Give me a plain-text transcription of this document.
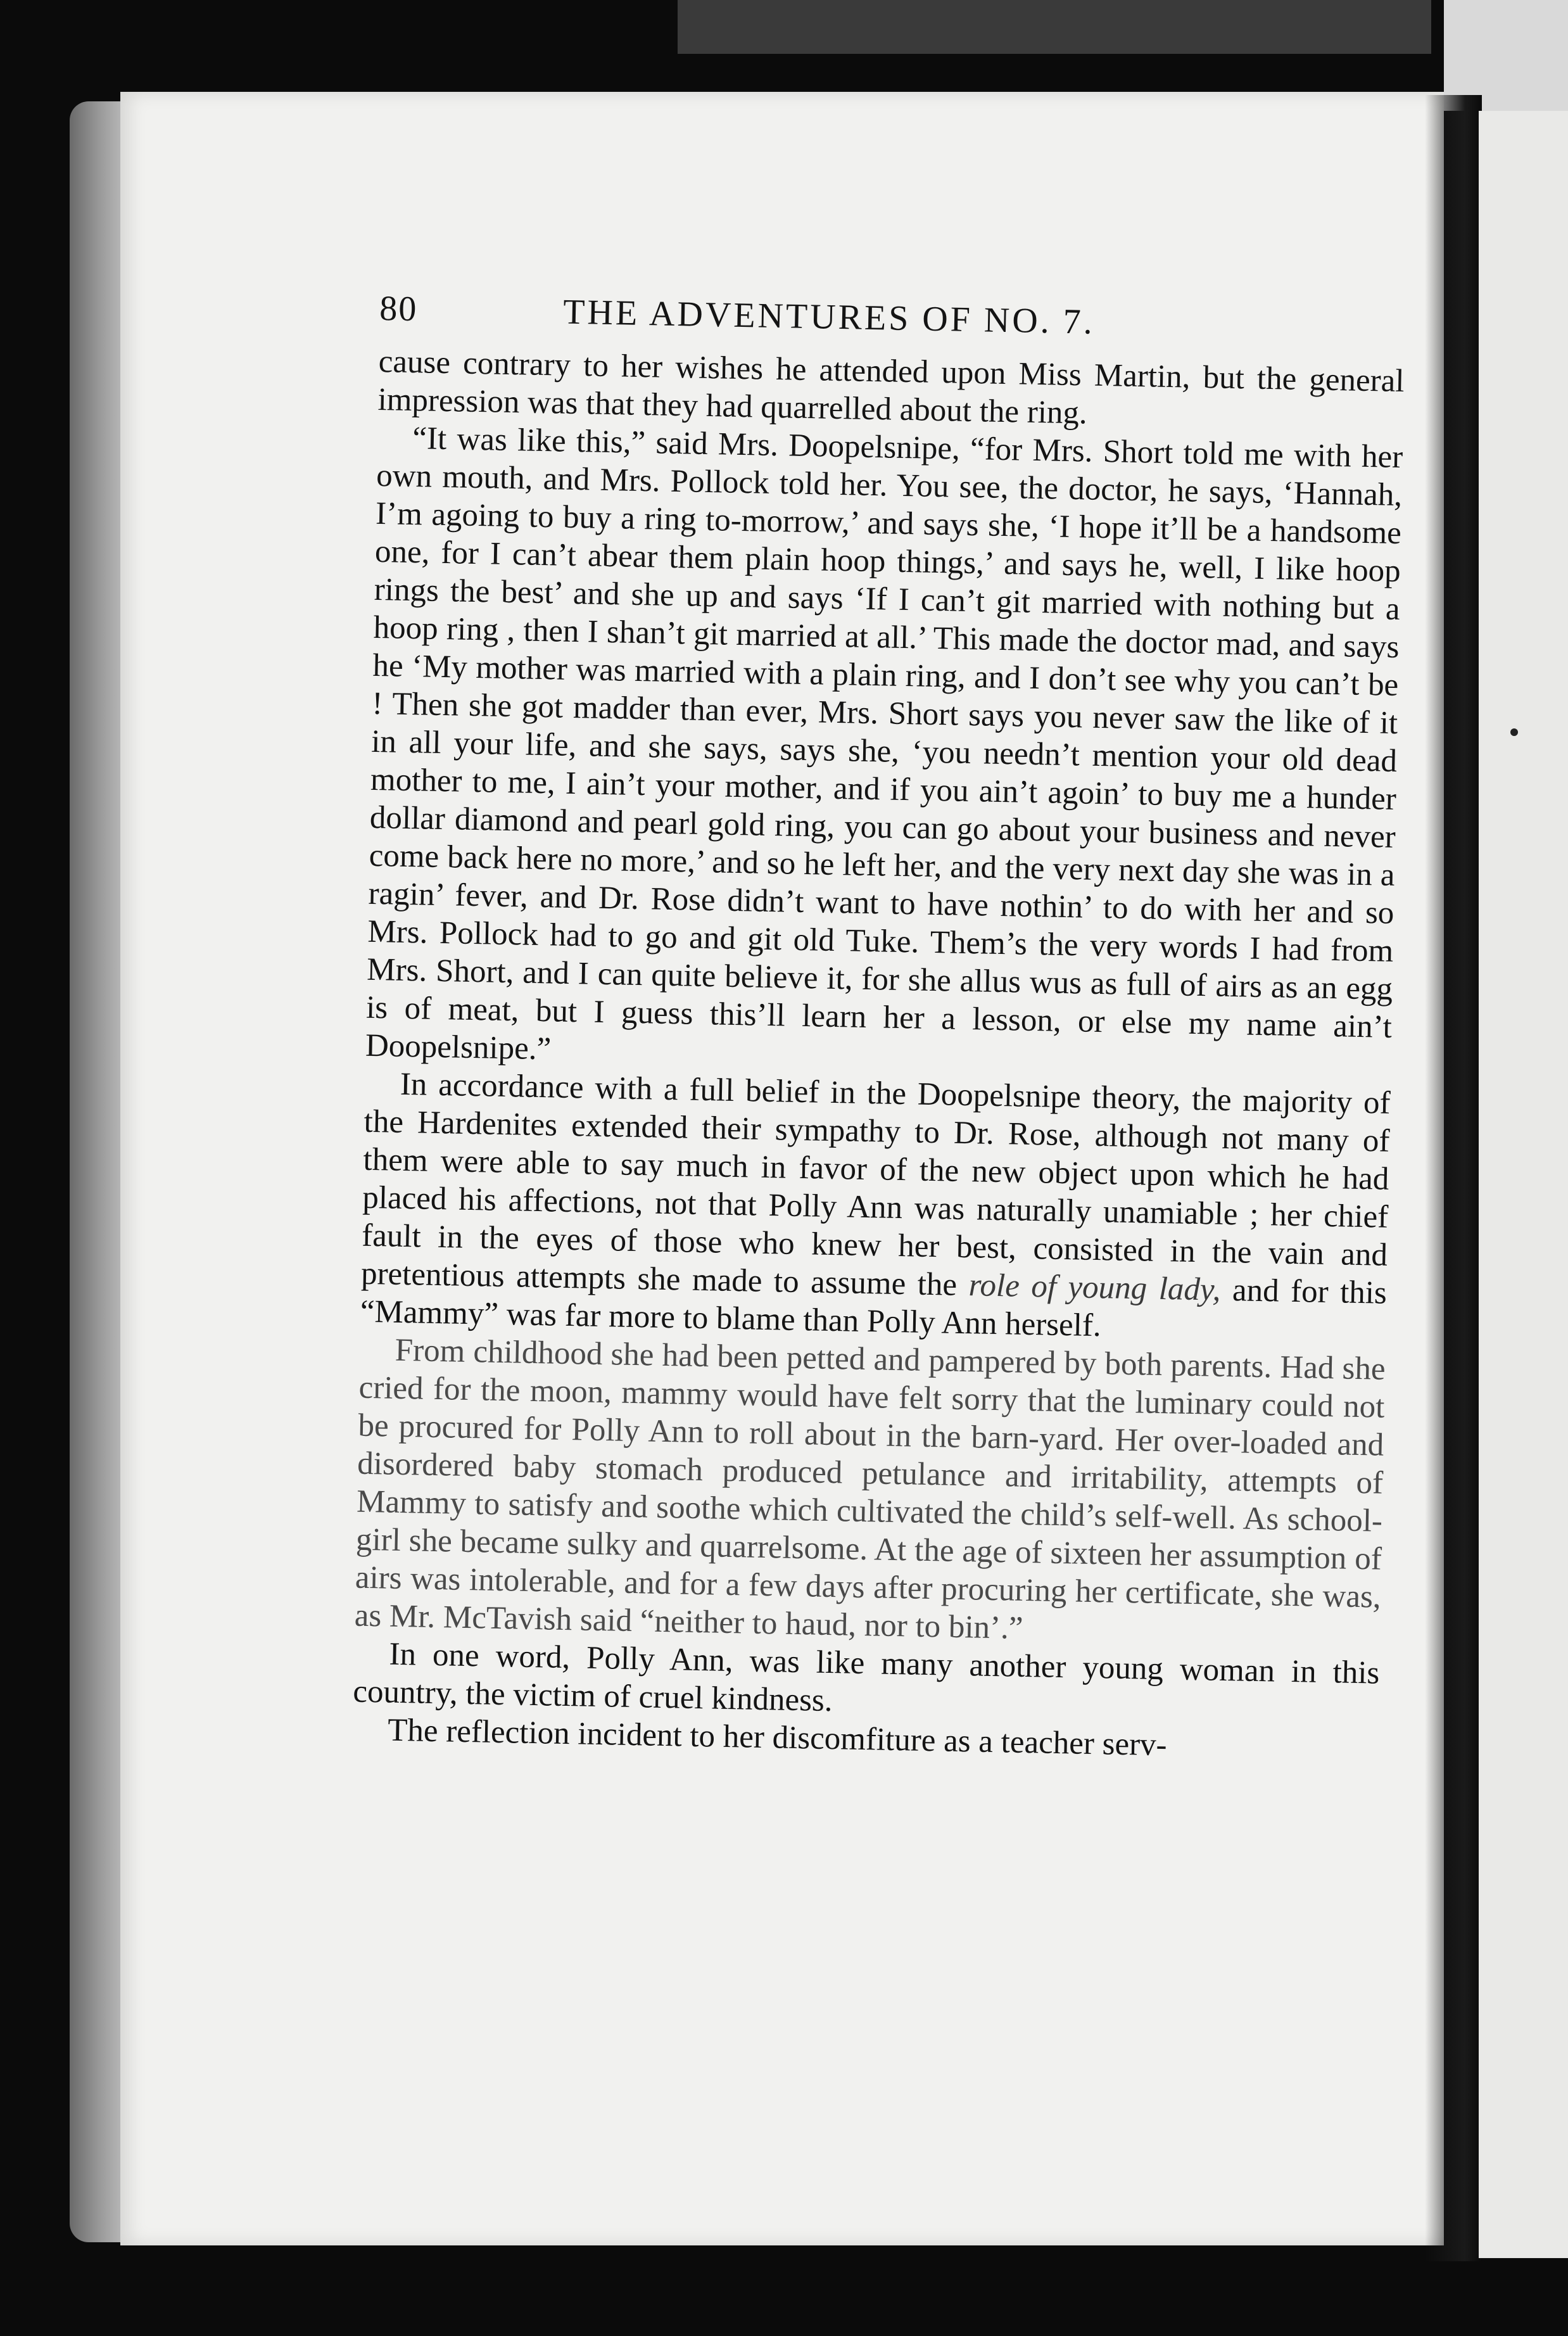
80	THE ADVENTURES OF NO. 7.

cause contrary to her wishes he attended upon Miss Martin, but the general impression was that they had quarrelled about the ring.

“It was like this,” said Mrs. Doopelsnipe, “for Mrs. Short told me with her own mouth, and Mrs. Pollock told her. You see, the doctor, he says, ‘Hannah, I’m agoing to buy a ring to-morrow,’ and says she, ‘I hope it’ll be a handsome one, for I can’t abear them plain hoop things,’ and says he, well, I like hoop rings the best’ and she up and says ‘If I can’t git married with nothing but a hoop ring , then I shan’t git married at all.’ This made the doctor mad, and says he ‘My mother was married with a plain ring, and I don’t see why you can’t be ! Then she got madder than ever, Mrs. Short says you never saw the like of it in all your life, and she says, says she, ‘you needn’t mention your old dead mother to me, I ain’t your mother, and if you ain’t agoin’ to buy me a hunder dollar diamond and pearl gold ring, you can go about your business and never come back here no more,’ and so he left her, and the very next day she was in a ragin’ fever, and Dr. Rose didn’t want to have nothin’ to do with her and so Mrs. Pollock had to go and git old Tuke. Them’s the very words I had from Mrs. Short, and I can quite believe it, for she allus wus as full of airs as an egg is of meat, but I guess this’ll learn her a lesson, or else my name ain’t Doopelsnipe.”

In accordance with a full belief in the Doopelsnipe theory, the majority of the Hardenites extended their sympathy to Dr. Rose, although not many of them were able to say much in favor of the new object upon which he had placed his affections, not that Polly Ann was naturally unamiable ; her chief fault in the eyes of those who knew her best, consisted in the vain and pretentious attempts she made to assume the role of young lady, and for this “Mammy” was far more to blame than Polly Ann herself.

From childhood she had been petted and pampered by both parents. Had she cried for the moon, mammy would have felt sorry that the luminary could not be procured for Polly Ann to roll about in the barn-yard. Her over-loaded and disordered baby stomach produced petulance and irritability, attempts of Mammy to satisfy and soothe which cultivated the child’s self-well. As school-girl she became sulky and quarrelsome. At the age of sixteen her assumption of airs was intolerable, and for a few days after procuring her certificate, she was, as Mr. McTavish said “neither to haud, nor to bin’.”

In one word, Polly Ann, was like many another young woman in this country, the victim of cruel kindness.

The reflection incident to her discomfiture as a teacher serv-
